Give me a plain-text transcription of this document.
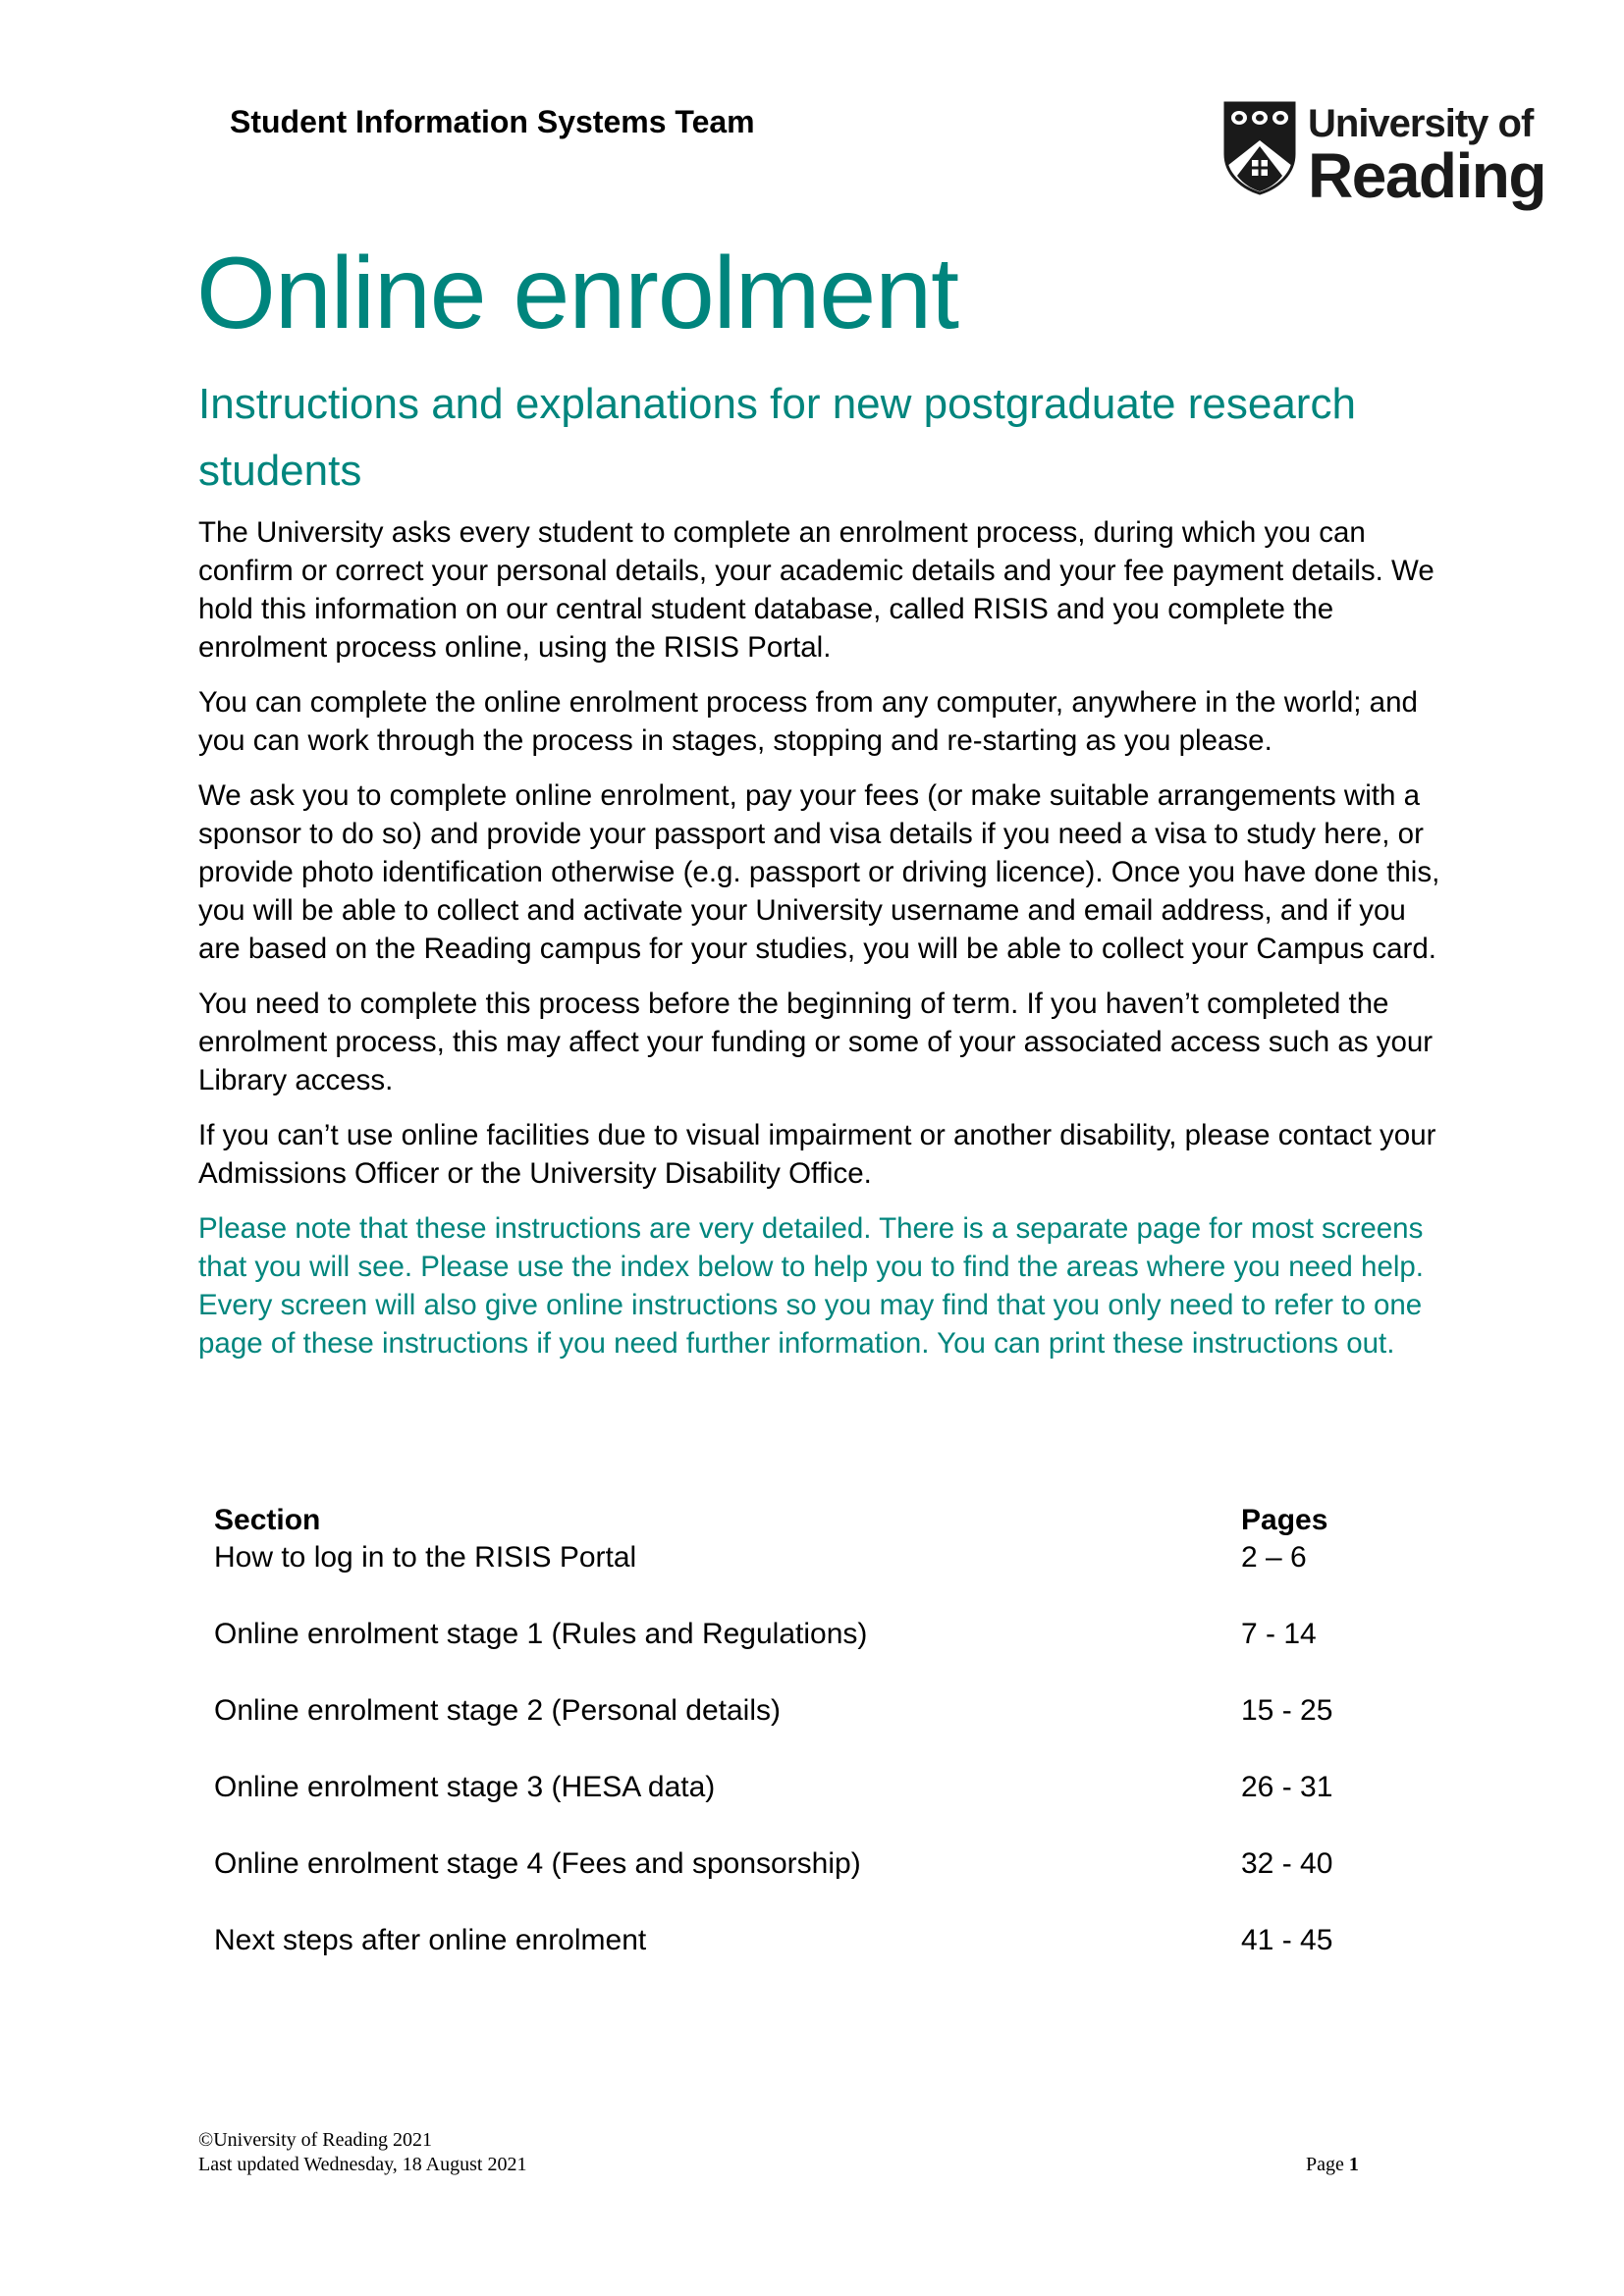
Student Information Systems Team	University of
Reading
Online enrolment
Instructions and explanations for new postgraduate research students

The University asks every student to complete an enrolment process, during which you can confirm or correct your personal details, your academic details and your fee payment details. We hold this information on our central student database, called RISIS and you complete the enrolment process online, using the RISIS Portal.

You can complete the online enrolment process from any computer, anywhere in the world; and you can work through the process in stages, stopping and re-starting as you please.

We ask you to complete online enrolment, pay your fees (or make suitable arrangements with a sponsor to do so) and provide your passport and visa details if you need a visa to study here, or provide photo identification otherwise (e.g. passport or driving licence). Once you have done this, you will be able to collect and activate your University username and email address, and if you are based on the Reading campus for your studies, you will be able to collect your Campus card.

You need to complete this process before the beginning of term. If you haven’t completed the enrolment process, this may affect your funding or some of your associated access such as your Library access.

If you can’t use online facilities due to visual impairment or another disability, please contact your Admissions Officer or the University Disability Office.

Please note that these instructions are very detailed. There is a separate page for most screens that you will see. Please use the index below to help you to find the areas where you need help. Every screen will also give online instructions so you may find that you only need to refer to one page of these instructions if you need further information. You can print these instructions out.

Section	Pages
How to log in to the RISIS Portal	2 – 6
Online enrolment stage 1 (Rules and Regulations)	7 - 14
Online enrolment stage 2 (Personal details)	15 - 25
Online enrolment stage 3 (HESA data)	26 - 31
Online enrolment stage 4 (Fees and sponsorship)	32 - 40
Next steps after online enrolment	41 - 45
©University of Reading 2021
Last updated Wednesday, 18 August 2021	Page 1
